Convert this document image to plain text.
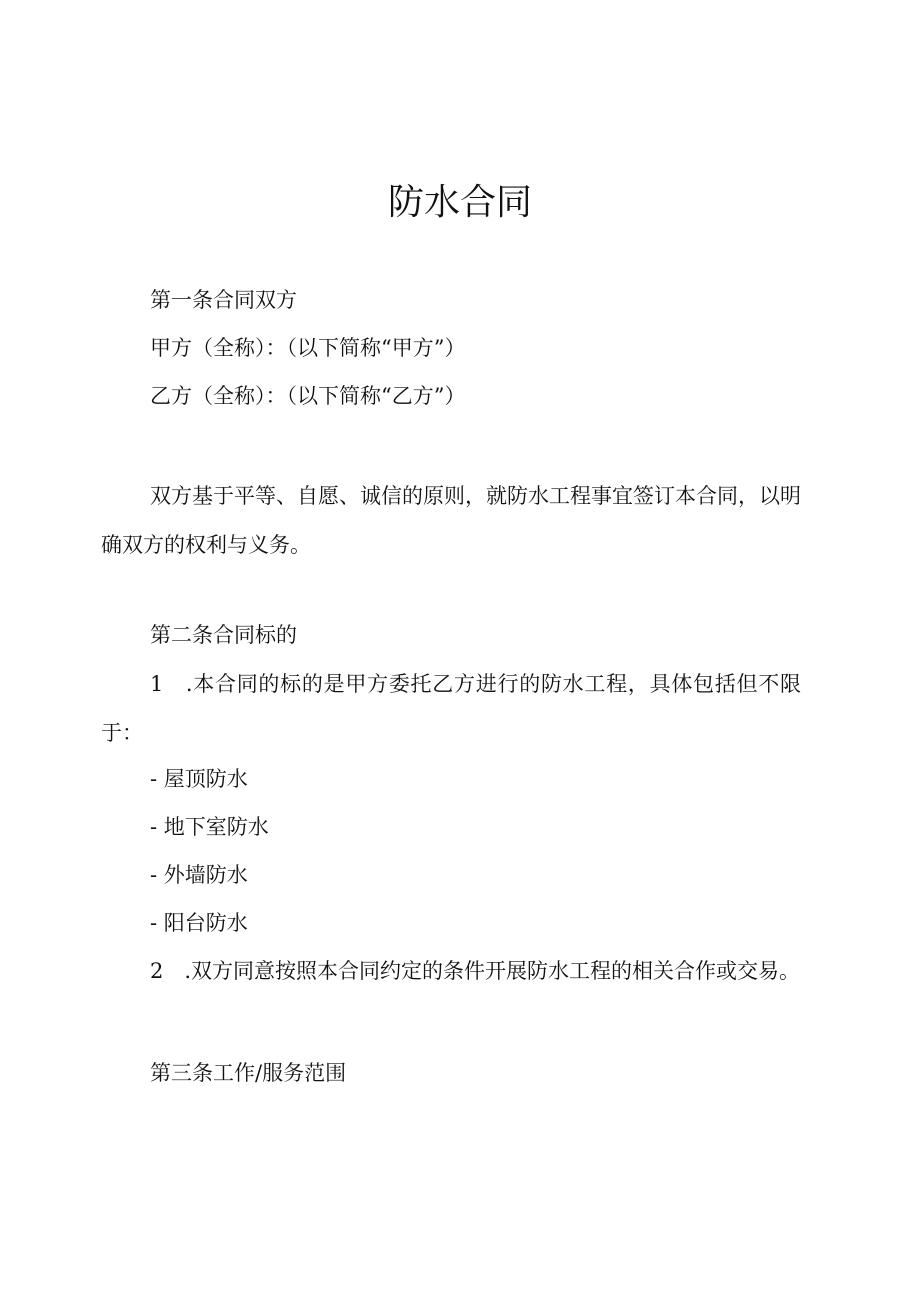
防水合同

第一条合同双方

甲方（全称）：（以下简称“甲方”）

乙方（全称）：（以下简称“乙方”）

双方基于平等、自愿、诚信的原则，就防水工程事宜签订本合同，以明确双方的权利与义务。

第二条合同标的

1　.本合同的标的是甲方委托乙方进行的防水工程，具体包括但不限于：

- 屋顶防水

- 地下室防水

- 外墙防水

- 阳台防水

2　.双方同意按照本合同约定的条件开展防水工程的相关合作或交易。

第三条工作/服务范围
